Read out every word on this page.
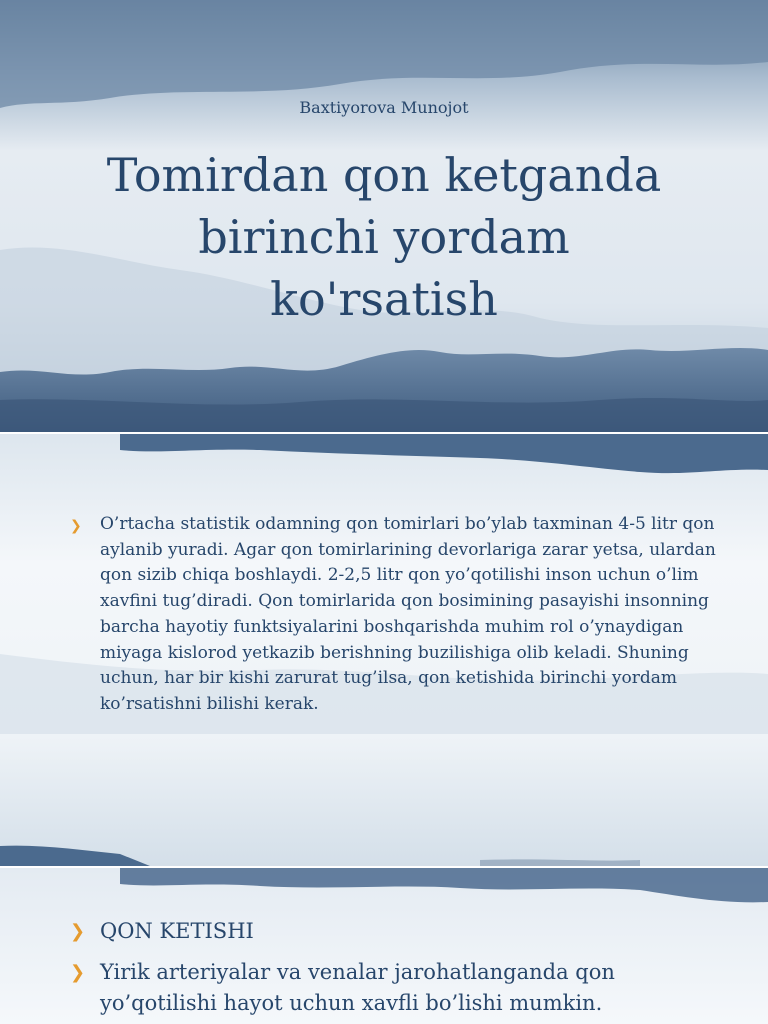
Baxtiyorova Munojot
Tomirdan qon ketganda birinchi yordam ko'rsatish
❯	O’rtacha statistik odamning qon tomirlari bo’ylab taxminan 4-5 litr qon aylanib yuradi. Agar qon tomirlarining devorlariga zarar yetsa, ulardan qon sizib chiqa boshlaydi. 2-2,5 litr qon yo’qotilishi inson uchun o’lim xavfini tug’diradi. Qon tomirlarida qon bosimining pasayishi insonning barcha hayotiy funktsiyalarini boshqarishda muhim rol o’ynaydigan miyaga kislorod yetkazib berishning buzilishiga olib keladi. Shuning uchun, har bir kishi zarurat tug’ilsa, qon ketishida birinchi yordam ko’rsatishni bilishi kerak.
❯ QON KETISHI
❯ Yirik arteriyalar va venalar jarohatlanganda qon yo’qotilishi hayot uchun xavfli bo’lishi mumkin.
